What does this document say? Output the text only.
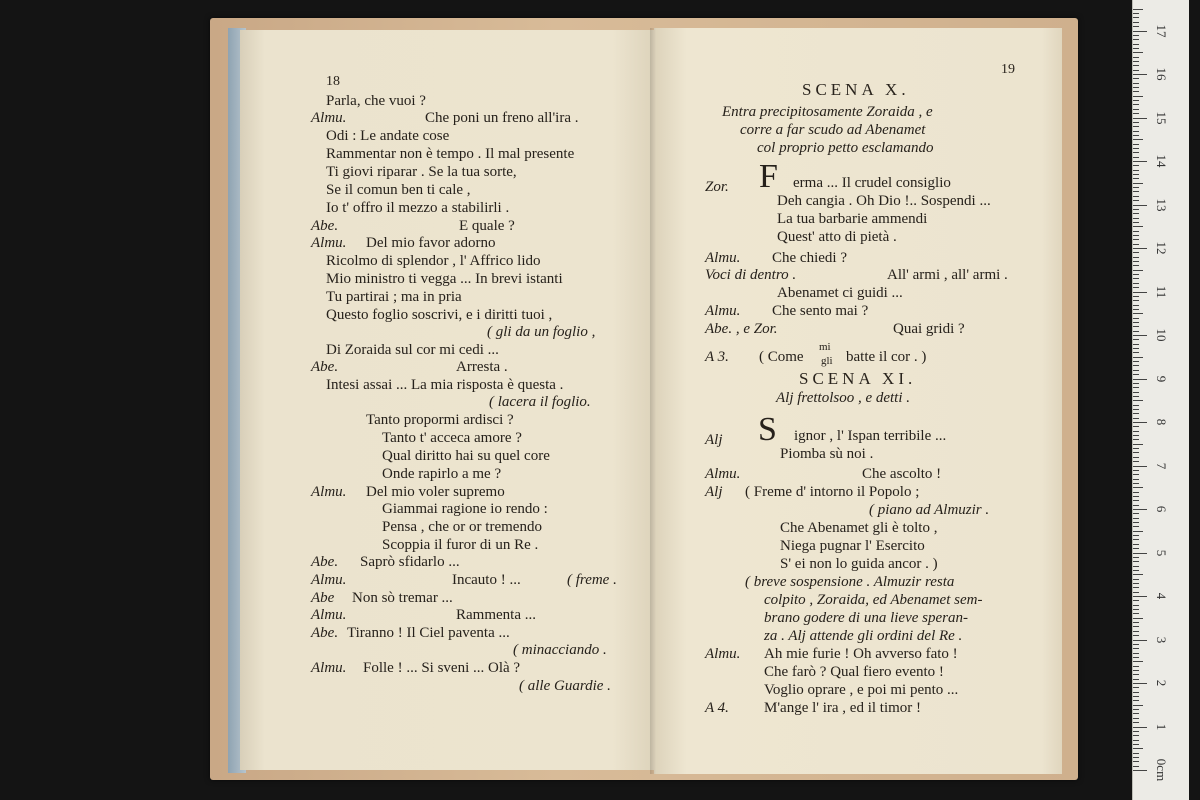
18
19
Parla, che vuoi ?
Almu.	Che poni un freno all'ira .
Odi : Le andate cose
Rammentar non è tempo . Il mal presente
Ti giovi riparar . Se la tua sorte,
Se il comun ben ti cale ,
Io t' offro il mezzo a stabilirli .
Abe.	E quale ?
Almu. Del mio favor adorno
Ricolmo di splendor , l' Affrico lido
Mio ministro ti vegga ... In brevi istanti
Tu partirai ; ma in pria
Questo foglio soscrivi, e i diritti tuoi ,
( gli da un foglio ,
Di Zoraida sul cor mi cedi ...
Abe.	Arresta .
Intesi assai ... La mia risposta è questa .
( lacera il foglio.
Tanto propormi ardisci ?
Tanto t' acceca amore ?
Qual diritto hai su quel core
Onde rapirlo a me ?
Almu. Del mio voler supremo
Giammai ragione io rendo :
Pensa , che or or tremendo
Scoppia il furor di un Re .
Abe. Saprò sfidarlo ...
Almu.	Incauto ! ...	( freme .
Abe Non sò tremar ...
Almu.	Rammenta ...
Abe. Tiranno ! Il Ciel paventa ...
( minacciando .
Almu. Folle ! ... Si sveni ... Olà ?
( alle Guardie .
Zor.	erma ... Il crudel consiglio
Deh cangia . Oh Dio !.. Sospendi ...
La tua barbarie ammendi
Quest' atto di pietà .
Almu. Che chiedi ?
Voci di dentro .	All' armi , all' armi .
Abenamet ci guidi ...
Almu. Che sento mai ?
Abe. , e Zor.	Quai gridi ?
A 3. ( Come	batte il cor . )
Alj frettolsoo , e detti .
Alj	ignor , l' Ispan terribile ...
Piomba sù noi .
Almu.	Che ascolto !
Alj ( Freme d' intorno il Popolo ;
( piano ad Almuzir .
Che Abenamet gli è tolto ,
Niega pugnar l' Esercito
S' ei non lo guida ancor . )
( breve sospensione . Almuzir resta
colpito , Zoraida, ed Abenamet sem-
brano godere di una lieve speran-
za . Alj attende gli ordini del Re .
Almu. Ah mie furie ! Oh avverso fato !
Che farò ? Qual fiero evento !
Voglio oprare , e poi mi pento ...
A 4. M'ange l' ira , ed il timor !
SCENA X.
Entra precipitosamente Zoraida , e
corre a far scudo ad Abenamet
col proprio petto esclamando
F
mi
gli
SCENA XI.
S
0cm
1
2
3
4
5
6
7
8
9
10
11
12
13
14
15
16
17
